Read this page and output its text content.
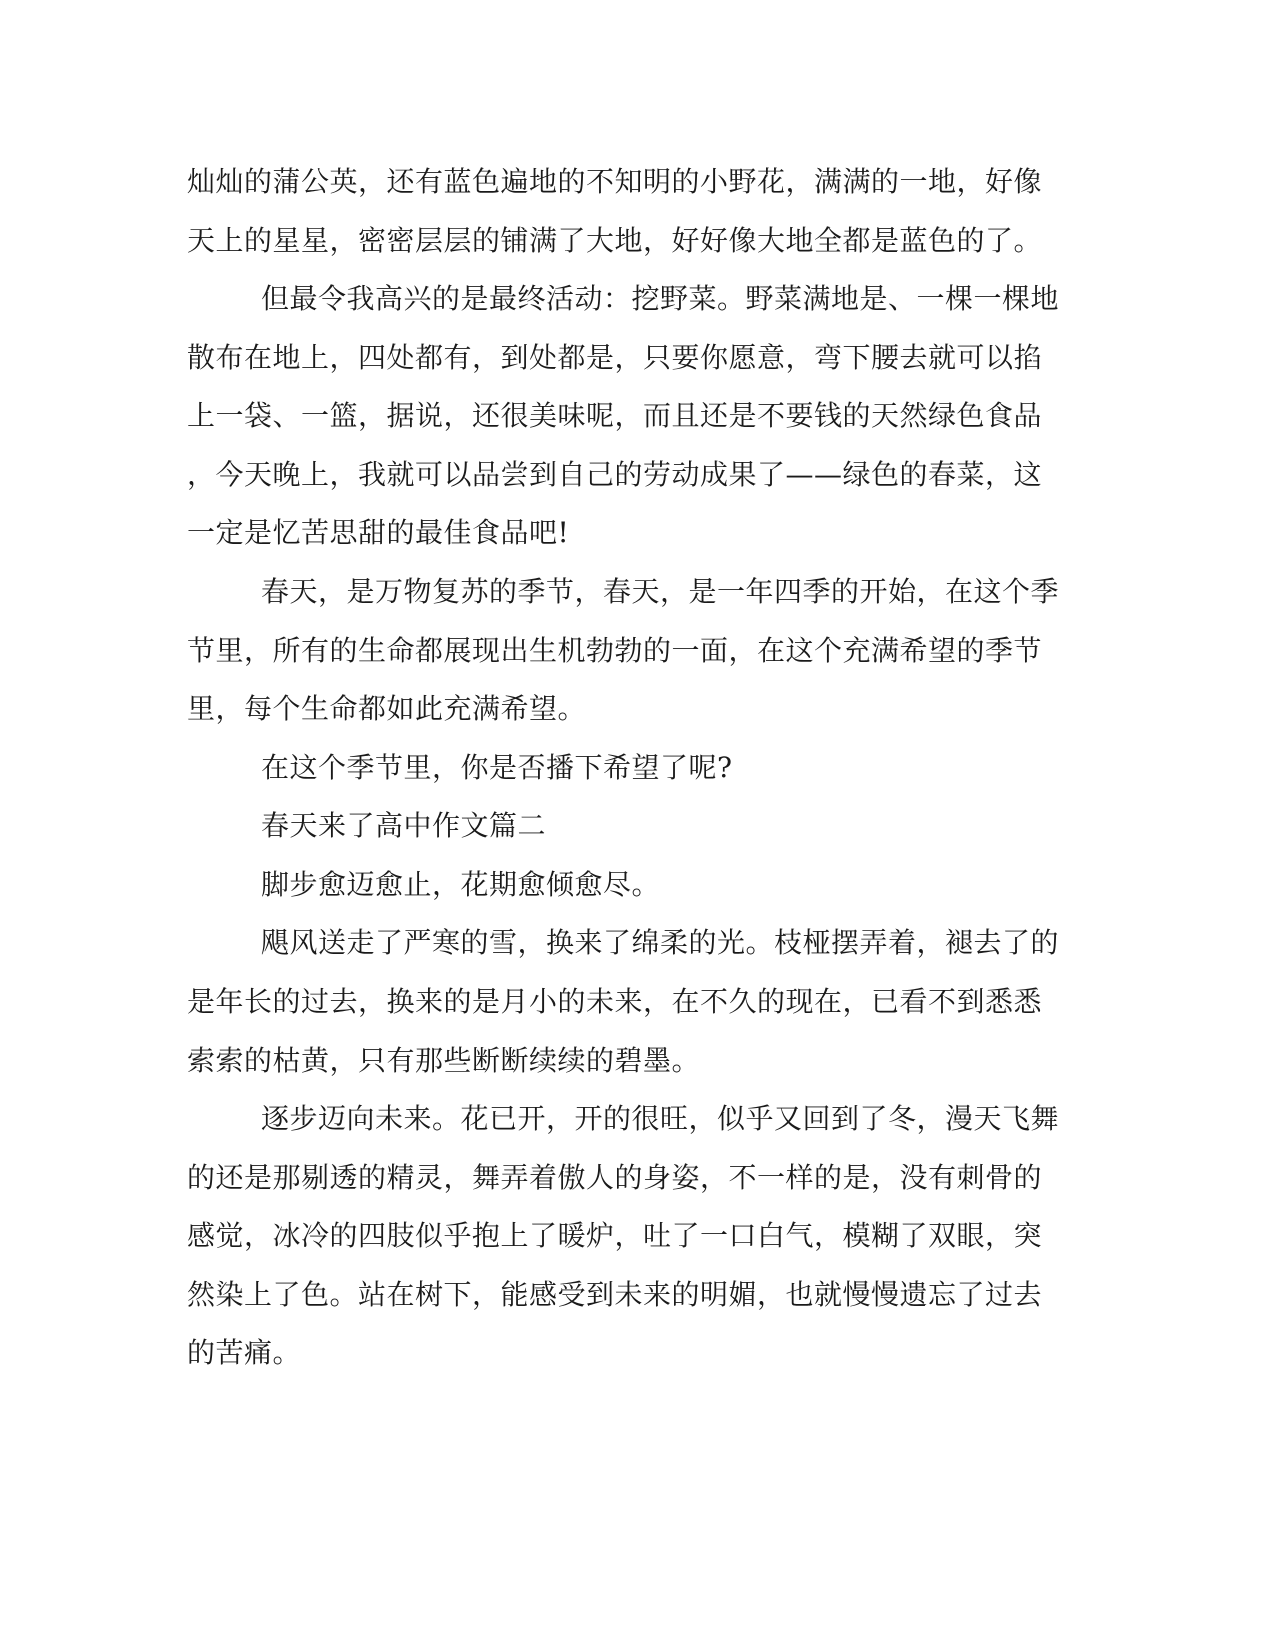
灿灿的蒲公英，还有蓝色遍地的不知明的小野花，满满的一地，好像
天上的星星，密密层层的铺满了大地，好好像大地全都是蓝色的了。
但最令我高兴的是最终活动：挖野菜。野菜满地是、一棵一棵地
散布在地上，四处都有，到处都是，只要你愿意，弯下腰去就可以掐
上一袋、一篮，据说，还很美味呢，而且还是不要钱的天然绿色食品
，今天晚上，我就可以品尝到自己的劳动成果了——绿色的春菜，这
一定是忆苦思甜的最佳食品吧!
春天，是万物复苏的季节，春天，是一年四季的开始，在这个季
节里，所有的生命都展现出生机勃勃的一面，在这个充满希望的季节
里，每个生命都如此充满希望。
在这个季节里，你是否播下希望了呢?
春天来了高中作文篇二
脚步愈迈愈止，花期愈倾愈尽。
飓风送走了严寒的雪，换来了绵柔的光。枝桠摆弄着，褪去了的
是年长的过去，换来的是月小的未来，在不久的现在，已看不到悉悉
索索的枯黄，只有那些断断续续的碧墨。
逐步迈向未来。花已开，开的很旺，似乎又回到了冬，漫天飞舞
的还是那剔透的精灵，舞弄着傲人的身姿，不一样的是，没有刺骨的
感觉，冰冷的四肢似乎抱上了暖炉，吐了一口白气，模糊了双眼，突
然染上了色。站在树下，能感受到未来的明媚，也就慢慢遗忘了过去
的苦痛。
